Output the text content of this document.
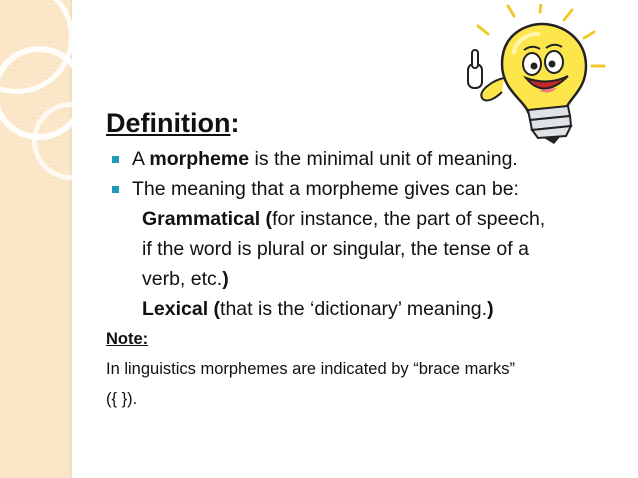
Definition:
A morpheme is the minimal unit of meaning.
The meaning that a morpheme gives can be:
Grammatical (for instance, the part of speech,
if the word is plural or singular, the tense of a
verb, etc.)
Lexical (that is the ‘dictionary’ meaning.)
Note:
In linguistics morphemes are indicated by “brace marks”
({ }).
